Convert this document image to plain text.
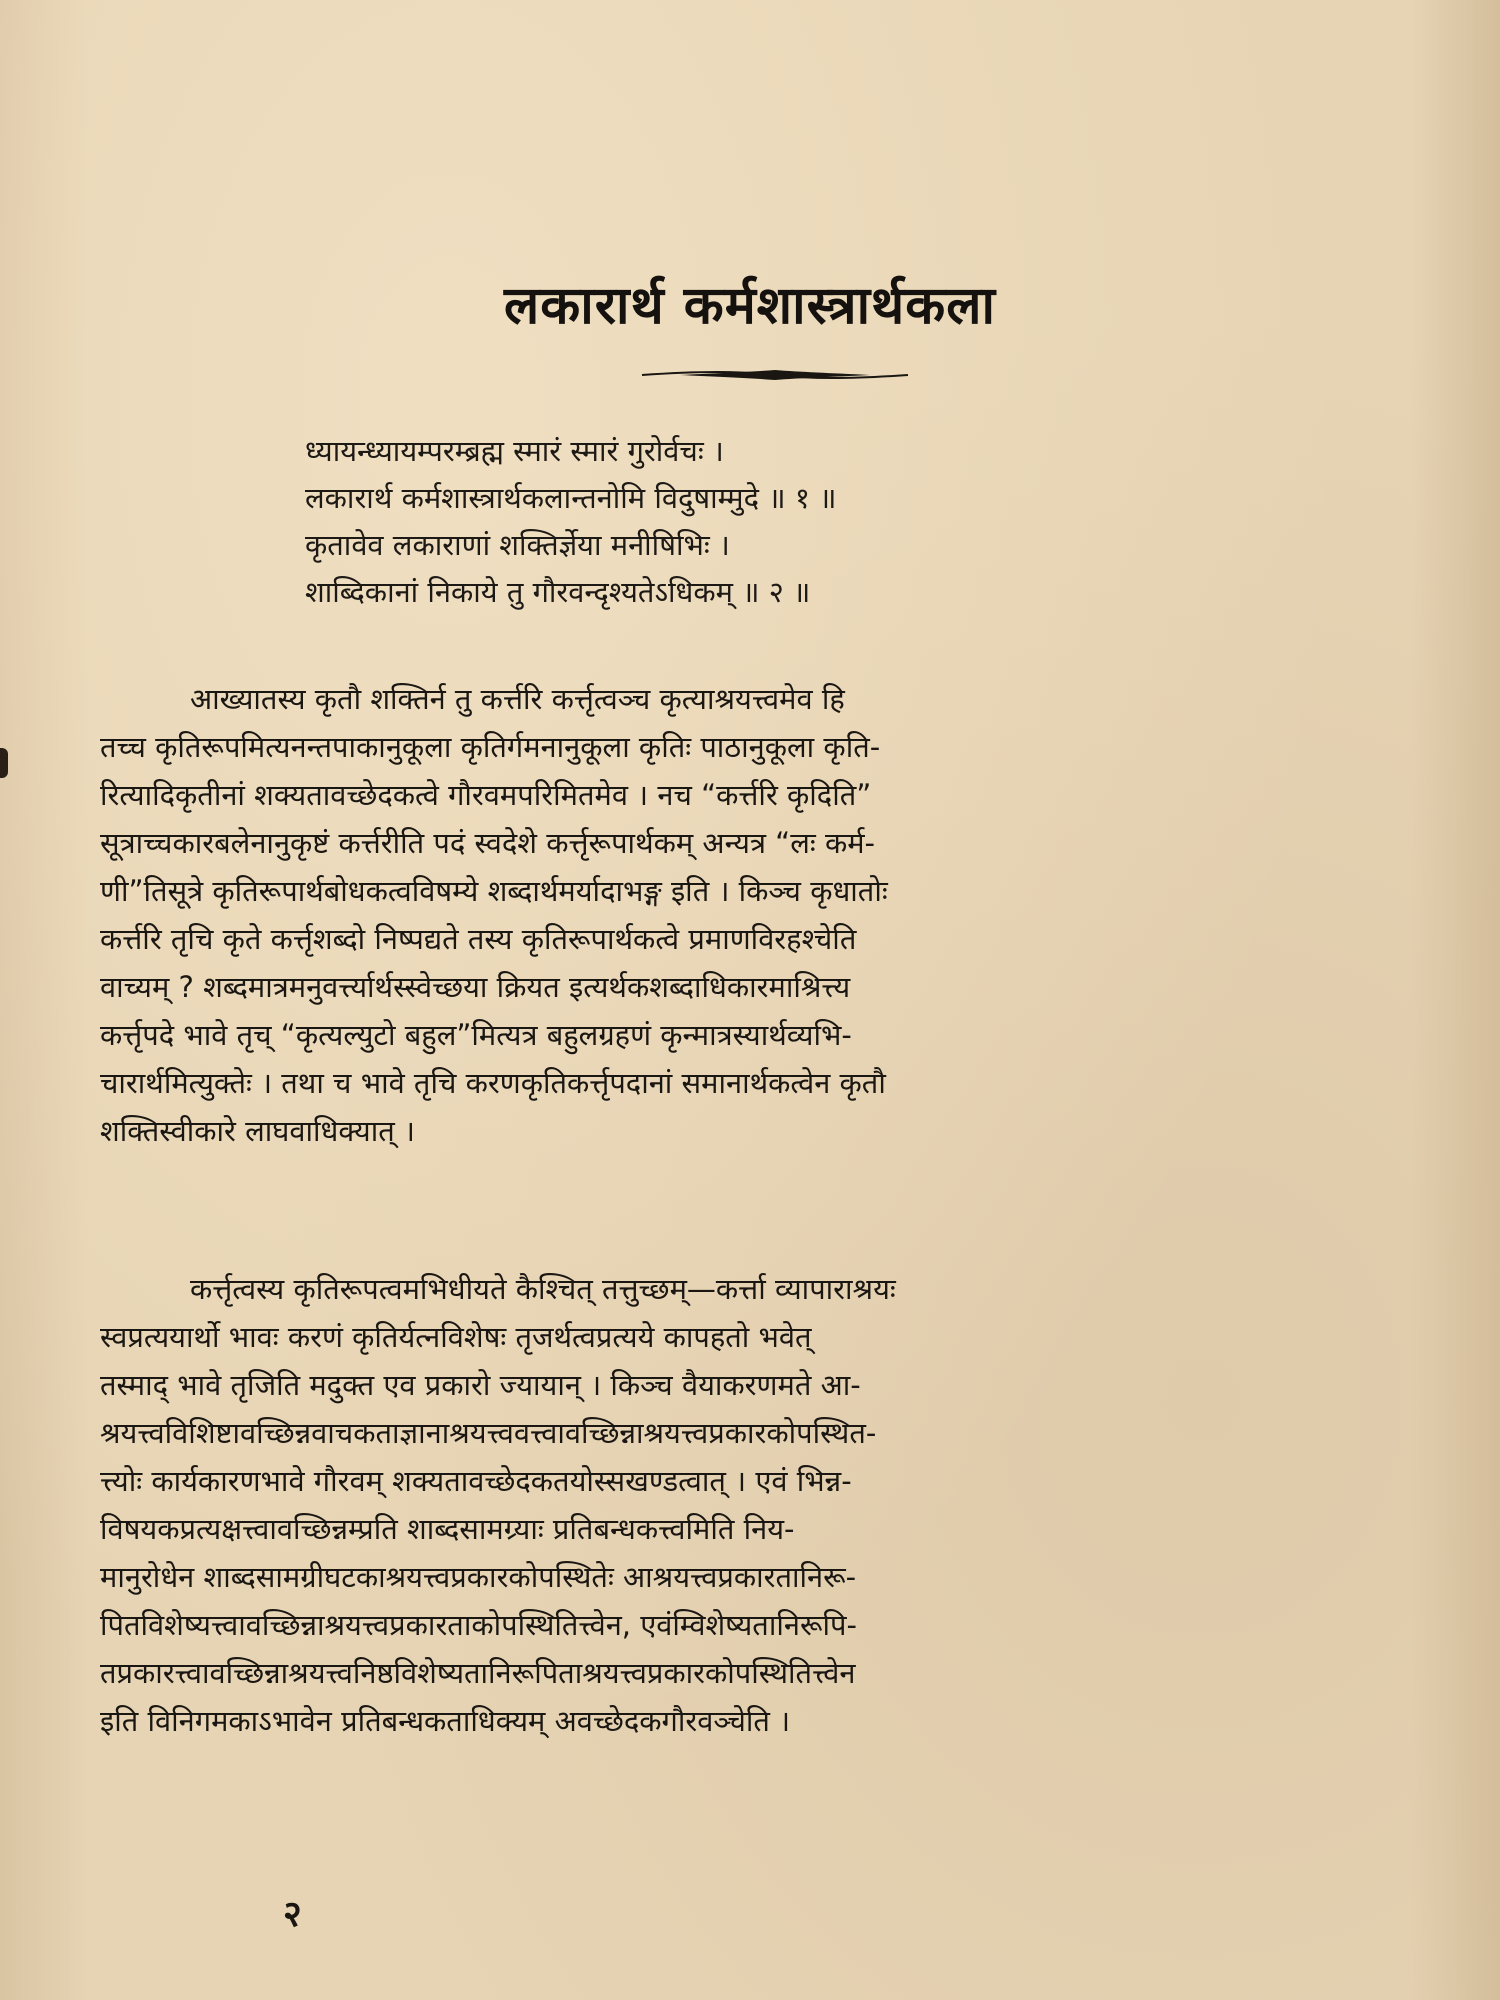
लकारार्थ कर्मशास्त्रार्थकला
ध्यायन्ध्यायम्परम्ब्रह्म स्मारं स्मारं गुरोर्वचः ।
लकारार्थ कर्मशास्त्रार्थकलान्तनोमि विदुषाम्मुदे ॥ १ ॥
कृतावेव लकाराणां शक्तिर्ज्ञेया मनीषिभिः ।
शाब्दिकानां निकाये तु गौरवन्दृश्यतेऽधिकम् ॥ २ ॥
आख्यातस्य कृतौ शक्तिर्न तु कर्त्तरि कर्त्तृत्वञ्च कृत्याश्रयत्त्वमेव हि
तच्च कृतिरूपमित्यनन्तपाकानुकूला कृतिर्गमनानुकूला कृतिः पाठानुकूला कृति-
रित्यादिकृतीनां शक्यतावच्छेदकत्वे गौरवमपरिमितमेव । नच “कर्त्तरि कृदिति”
सूत्राच्चकारबलेनानुकृष्टं कर्त्तरीति पदं स्वदेशे कर्त्तृरूपार्थकम् अन्यत्र “लः कर्म-
णी”तिसूत्रे कृतिरूपार्थबोधकत्वविषम्ये शब्दार्थमर्यादाभङ्ग इति । किञ्च कृधातोः
कर्त्तरि तृचि कृते कर्त्तृशब्दो निष्पद्यते तस्य कृतिरूपार्थकत्वे प्रमाणविरहश्चेति
वाच्यम् ? शब्दमात्रमनुवर्त्त्यार्थस्स्वेच्छया क्रियत इत्यर्थकशब्दाधिकारमाश्रित्त्य
कर्त्तृपदे भावे तृच् “कृत्यल्युटो बहुल”मित्यत्र बहुलग्रहणं कृन्मात्रस्यार्थव्यभि-
चारार्थमित्युक्तेः । तथा च भावे तृचि करणकृतिकर्त्तृपदानां समानार्थकत्वेन कृतौ
शक्तिस्वीकारे लाघवाधिक्यात् ।
कर्त्तृत्वस्य कृतिरूपत्वमभिधीयते कैश्चित् तत्तुच्छम्—कर्त्ता व्यापाराश्रयः
स्वप्रत्ययार्थो भावः करणं कृतिर्यत्नविशेषः तृजर्थत्वप्रत्यये कापहतो भवेत्
तस्माद् भावे तृजिति मदुक्त एव प्रकारो ज्यायान् । किञ्च वैयाकरणमते आ-
श्रयत्त्वविशिष्टावच्छिन्नवाचकताज्ञानाश्रयत्त्ववत्त्वावच्छिन्नाश्रयत्त्वप्रकारकोपस्थित-
त्त्योः कार्यकारणभावे गौरवम् शक्यतावच्छेदकतयोस्सखण्डत्वात् । एवं भिन्न-
विषयकप्रत्यक्षत्त्वावच्छिन्नम्प्रति शाब्दसामग्र्याः प्रतिबन्धकत्त्वमिति निय-
मानुरोधेन शाब्दसामग्रीघटकाश्रयत्त्वप्रकारकोपस्थितेः आश्रयत्त्वप्रकारतानिरू-
पितविशेष्यत्त्वावच्छिन्नाश्रयत्त्वप्रकारताकोपस्थितित्त्वेन, एवंम्विशेष्यतानिरूपि-
तप्रकारत्त्वावच्छिन्नाश्रयत्त्वनिष्ठविशेष्यतानिरूपिताश्रयत्त्वप्रकारकोपस्थितित्त्वेन
इति विनिगमकाऽभावेन प्रतिबन्धकताधिक्यम् अवच्छेदकगौरवञ्चेति ।
२
